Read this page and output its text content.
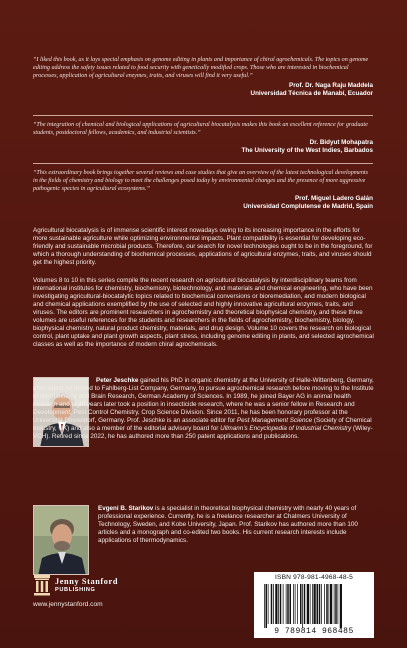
“I liked this book, as it lays special emphasis on genome editing in plants and importance of chiral agrochemicals. The topics on genome editing address the safety issues related to food security with genetically modified crops. Those who are interested in biochemical processes, application of agricultural enzymes, traits, and viruses will find it very useful.”

Prof. Dr. Naga Raju Maddela

Universidad Técnica de Manabí, Ecuador

“The integration of chemical and biological applications of agricultural biocatalysis makes this book an excellent reference for graduate students, postdoctoral fellows, academics, and industrial scientists.”

Dr. Bidyut Mohapatra

The University of the West Indies, Barbados

“This extraordinary book brings together several reviews and case studies that give an overview of the latest technological developments in the fields of chemistry and biology to meet the challenges posed today by environmental changes and the presence of more aggressive pathogenic species in agricultural ecosystems.”

Prof. Miguel Ladero Galán

Universidad Complutense de Madrid, Spain

Agricultural biocatalysis is of immense scientific interest nowadays owing to its increasing importance in the efforts for more sustainable agriculture while optimizing environmental impacts. Plant compatibility is essential for developing eco-friendly and sustainable microbial products. Therefore, our search for novel technologies ought to be in the foreground, for which a thorough understanding of biochemical processes, applications of agricultural enzymes, traits, and viruses should get the highest priority.

Volumes 8 to 10 in this series compile the recent research on agricultural biocatalysis by interdisciplinary teams from international institutes for chemistry, biochemistry, biotechnology, and materials and chemical engineering, who have been investigating agricultural-biocatalytic topics related to biochemical conversions or bioremediation, and modern biological and chemical applications exemplified by the use of selected and highly innovative agricultural enzymes, traits, and viruses. The editors are prominent researchers in agrochemistry and theoretical biophysical chemistry, and these three volumes are useful references for the students and researchers in the fields of agrochemistry, biochemistry, biology, biophysical chemistry, natural product chemistry, materials, and drug design. Volume 10 covers the research on biological control, plant uptake and plant growth aspects, plant stress, including genome editing in plants, and selected agrochemical classes as well as the importance of modern chiral agrochemicals.

Peter Jeschke gained his PhD in organic chemistry at the University of Halle-Wittenberg, Germany, after which he moved to Fahlberg-List Company, Germany, to pursue agrochemical research before moving to the Institute of Neurobiology and Brain Research, German Academy of Sciences. In 1989, he joined Bayer AG in animal health research and eight years later took a position in insecticide research, where he was a senior fellow in Research and Development, Pest Control Chemistry, Crop Science Division. Since 2011, he has been honorary professor at the Universität Düsseldorf, Germany. Prof. Jeschke is an associate editor for Pest Management Science (Society of Chemical Industry, UK) and also a member of the editorial advisory board for Ullmann’s Encyclopedia of Industrial Chemistry (Wiley-VCH). Retired since 2022, he has authored more than 250 patent applications and publications.

Evgeni B. Starikov is a specialist in theoretical biophysical chemistry with nearly 40 years of professional experience. Currently, he is a freelance researcher at Chalmers University of Technology, Sweden, and Kobe University, Japan. Prof. Starikov has authored more than 100 articles and a monograph and co-edited two books. His current research interests include applications of thermodynamics.

Jenny Stanford
PUBLISHING
www.jennystanford.com
ISBN 978-981-4968-48-5
9 789814 968485
